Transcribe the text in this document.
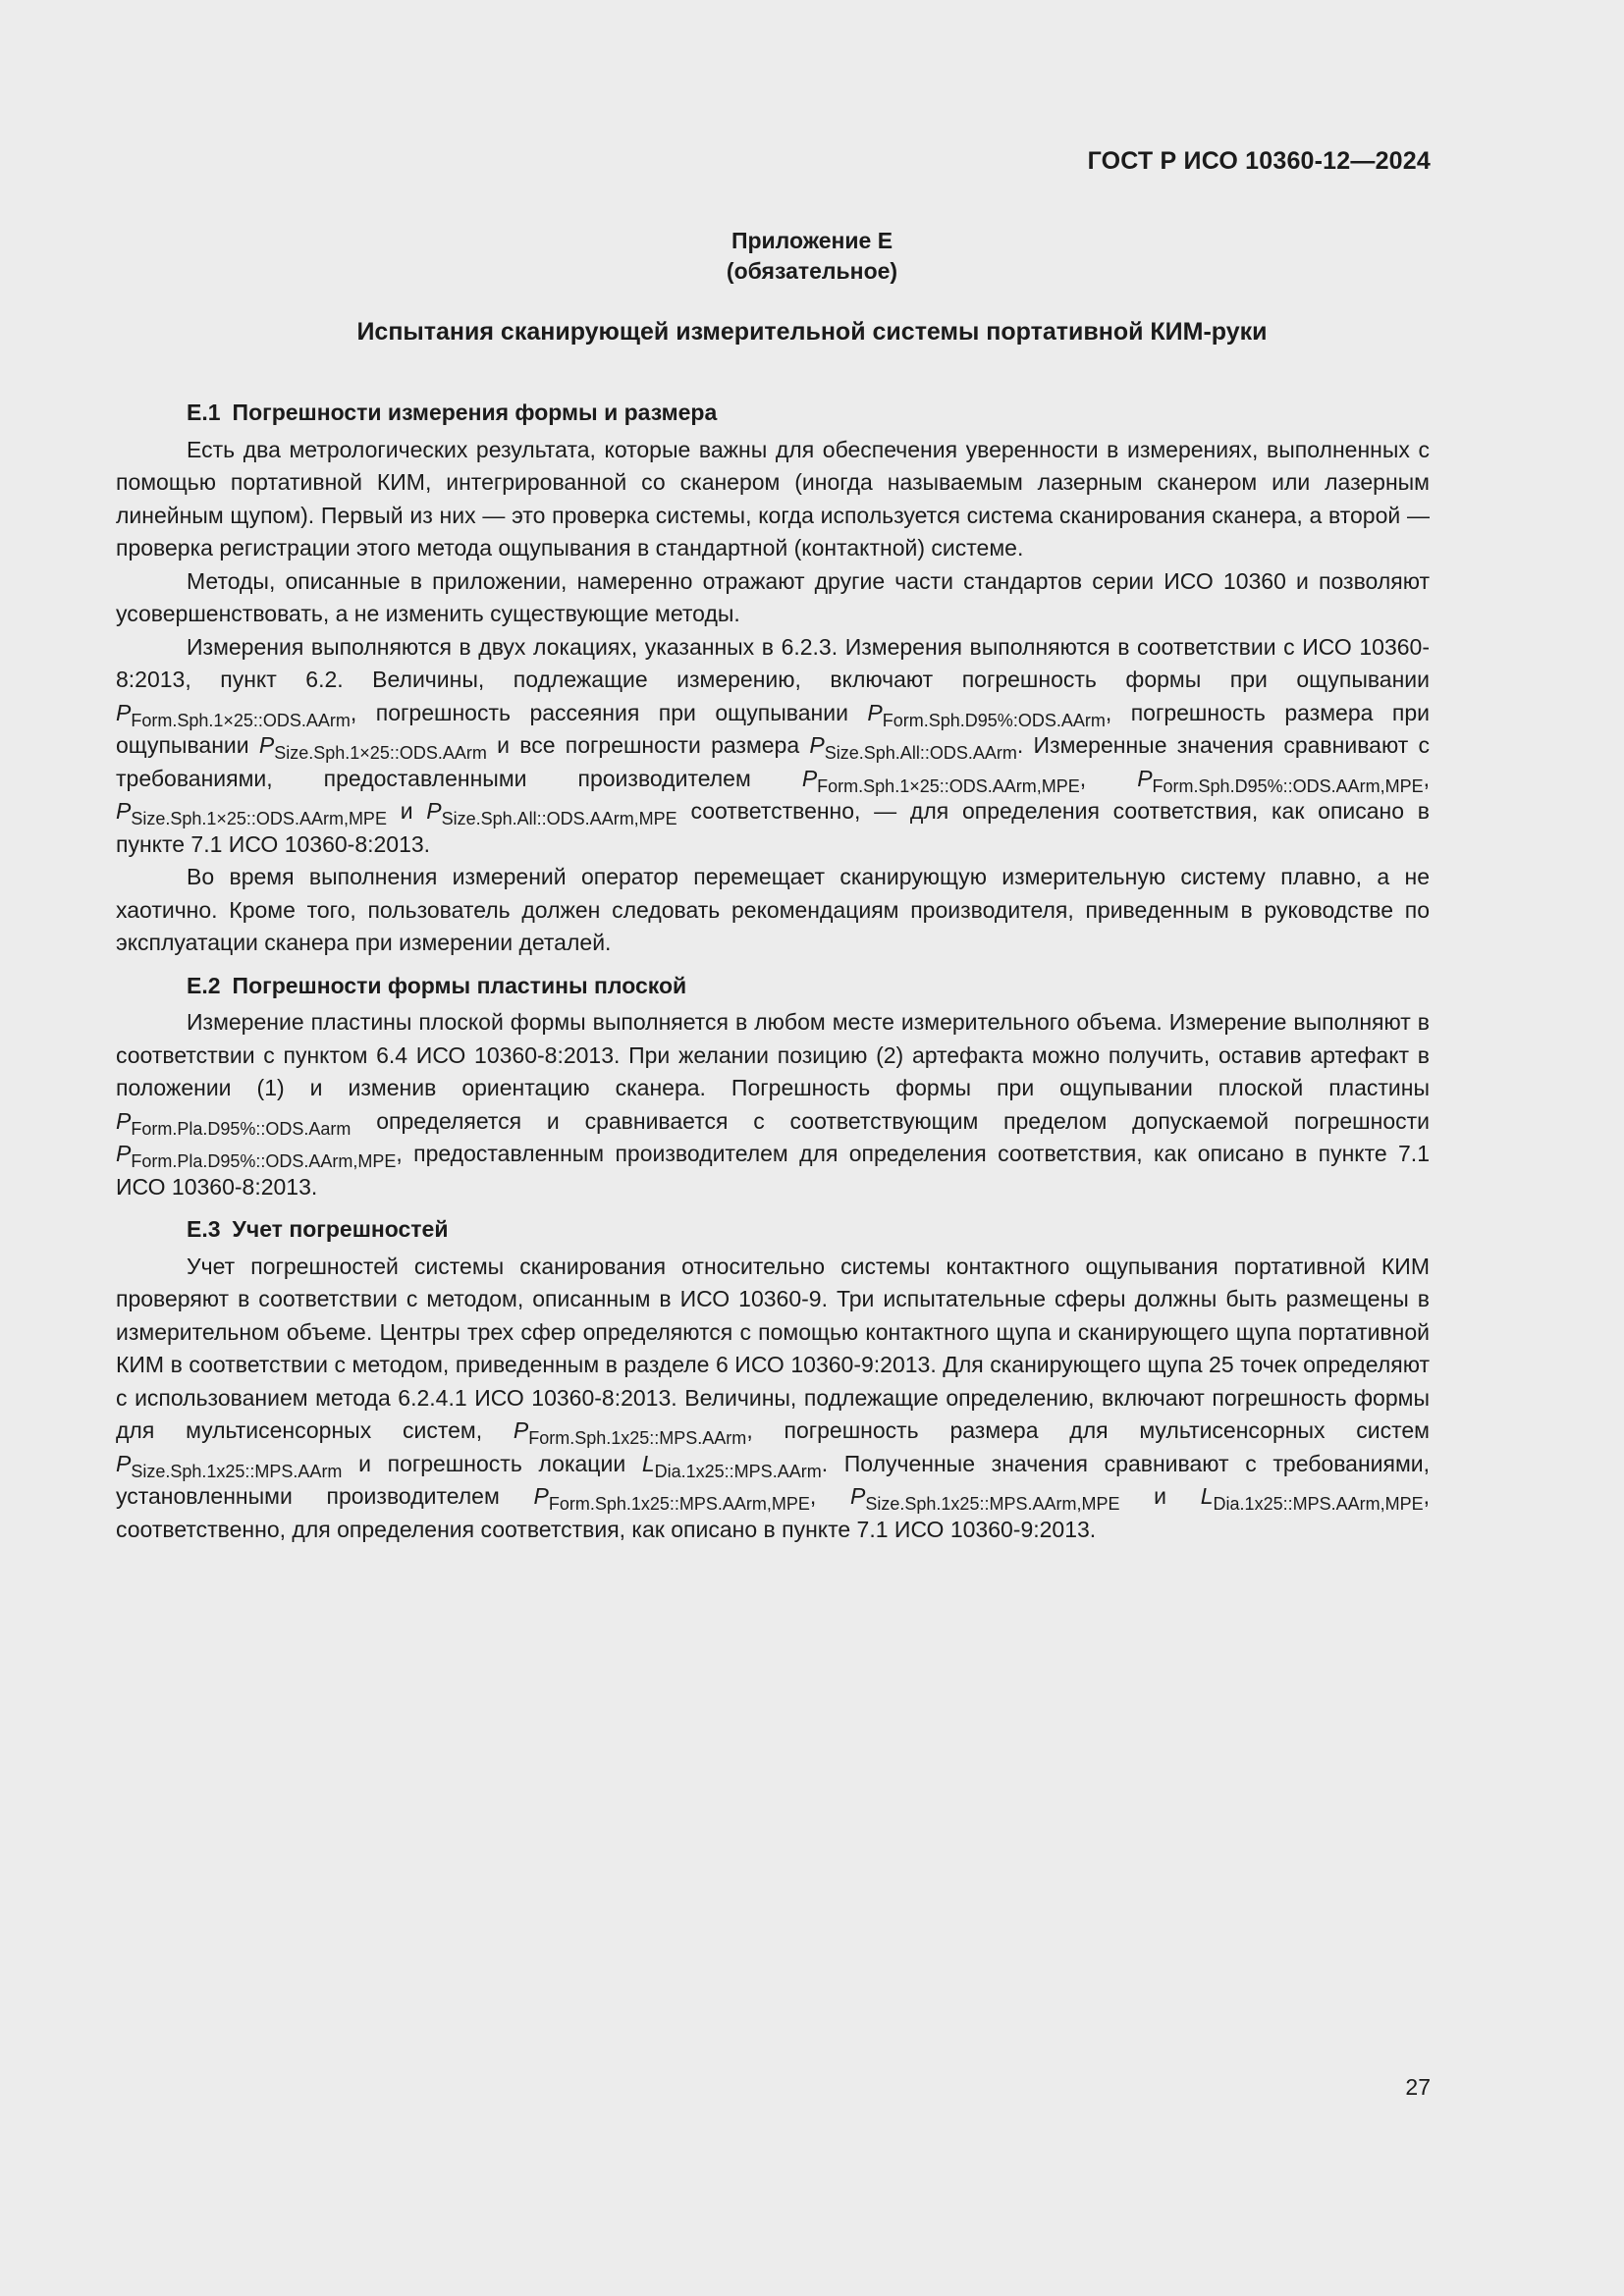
ГОСТ Р ИСО 10360-12—2024
Приложение Е
(обязательное)
Испытания сканирующей измерительной системы портативной КИМ-руки
Е.1 Погрешности измерения формы и размера

Есть два метрологических результата, которые важны для обеспечения уверенности в измерениях, выполненных с помощью портативной КИМ, интегрированной со сканером (иногда называемым лазерным сканером или лазерным линейным щупом). Первый из них — это проверка системы, когда используется система сканирования сканера, а второй — проверка регистрации этого метода ощупывания в стандартной (контактной) системе.

Методы, описанные в приложении, намеренно отражают другие части стандартов серии ИСО 10360 и позволяют усовершенствовать, а не изменить существующие методы.

Измерения выполняются в двух локациях, указанных в 6.2.3. Измерения выполняются в соответствии с ИСО 10360-8:2013, пункт 6.2. Величины, подлежащие измерению, включают погрешность формы при ощупывании $P_{Form.Sph.1\times 25::ODS.AArm}$, погрешность рассеяния при ощупывании $P_{Form.Sph.D95\%:ODS.AArm}$, погрешность размера при ощупывании $P_{Size.Sph.1\times 25::ODS.AArm}$ и все погрешности размера $P_{Size.Sph.All::ODS.AArm}$. Измеренные значения сравнивают с требованиями, предоставленными производителем $P_{Form.Sph.1\times 25::ODS.AArm,MPE}$, $P_{Form.Sph.D95\%::ODS.AArm,MPE}$, $P_{Size.Sph.1\times 25::ODS.AArm,MPE}$ и $P_{Size.Sph.All::ODS.AArm,MPE}$ соответственно, — для определения соответствия, как описано в пункте 7.1 ИСО 10360-8:2013.

Во время выполнения измерений оператор перемещает сканирующую измерительную систему плавно, а не хаотично. Кроме того, пользователь должен следовать рекомендациям производителя, приведенным в руководстве по эксплуатации сканера при измерении деталей.

Е.2 Погрешности формы пластины плоской

Измерение пластины плоской формы выполняется в любом месте измерительного объема. Измерение выполняют в соответствии с пунктом 6.4 ИСО 10360-8:2013. При желании позицию (2) артефакта можно получить, оставив артефакт в положении (1) и изменив ориентацию сканера. Погрешность формы при ощупывании плоской пластины $P_{Form.Pla.D95\%::ODS.Aarm}$ определяется и сравнивается с соответствующим пределом допускаемой погрешности $P_{Form.Pla.D95\%::ODS.AArm,MPE}$, предоставленным производителем для определения соответствия, как описано в пункте 7.1 ИСО 10360-8:2013.

Е.3 Учет погрешностей

Учет погрешностей системы сканирования относительно системы контактного ощупывания портативной КИМ проверяют в соответствии с методом, описанным в ИСО 10360-9. Три испытательные сферы должны быть размещены в измерительном объеме. Центры трех сфер определяются с помощью контактного щупа и сканирующего щупа портативной КИМ в соответствии с методом, приведенным в разделе 6 ИСО 10360-9:2013. Для сканирующего щупа 25 точек определяют с использованием метода 6.2.4.1 ИСО 10360-8:2013. Величины, подлежащие определению, включают погрешность формы для мультисенсорных систем, $P_{Form.Sph.1x25::MPS.AArm}$, погрешность размера для мультисенсорных систем $P_{Size.Sph.1x25::MPS.AArm}$ и погрешность локации $L_{Dia.1x25::MPS.AArm}$. Полученные значения сравнивают с требованиями, установленными производителем $P_{Form.Sph.1x25::MPS.AArm,MPE}$, $P_{Size.Sph.1x25::MPS.AArm,MPE}$ и $L_{Dia.1x25::MPS.AArm,MPE}$, соответственно, для определения соответствия, как описано в пункте 7.1 ИСО 10360-9:2013.

27
